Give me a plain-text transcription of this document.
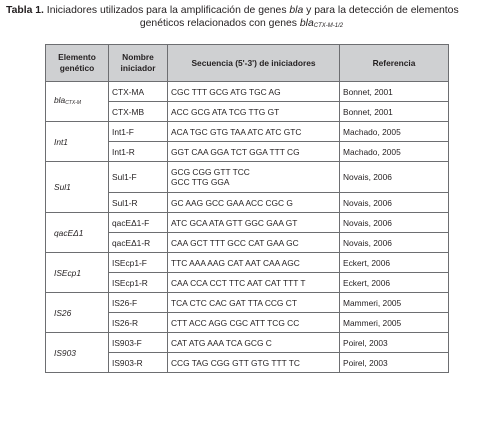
Tabla 1. Iniciadores utilizados para la amplificación de genes bla y para la detección de elementos
genéticos relacionados con genes bla$_{CTX-M-1/2}$
Elemento genético	Nombre iniciador	Secuencia (5'-3') de iniciadores	Referencia
bla$_{CTX-M}$	CTX-MA	CGC TTT GCG ATG TGC AG	Bonnet, 2001
	CTX-MB	ACC GCG ATA TCG TTG GT	Bonnet, 2001
Int1	Int1-F	ACA TGC GTG TAA ATC ATC GTC	Machado, 2005
	Int1-R	GGT CAA GGA TCT GGA TTT CG	Machado, 2005
Sul1	Sul1-F	GCG CGG GTT TCC
GCC TTG GGA	Novais, 2006
	Sul1-R	GC AAG GCC GAA ACC CGC G	Novais, 2006
qacEΔ1	qacEΔ1-F	ATC GCA ATA GTT GGC GAA GT	Novais, 2006
	qacEΔ1-R	CAA GCT TTT GCC CAT GAA GC	Novais, 2006
ISEcp1	ISEcp1-F	TTC AAA AAG CAT AAT CAA AGC	Eckert, 2006
	ISEcp1-R	CAA CCA CCT TTC AAT CAT TTT T	Eckert, 2006
IS26	IS26-F	TCA CTC CAC GAT TTA CCG CT	Mammeri, 2005
	IS26-R	CTT ACC AGG CGC ATT TCG CC	Mammeri, 2005
IS903	IS903-F	CAT ATG AAA TCA GCG C	Poirel, 2003
	IS903-R	CCG TAG CGG GTT GTG TTT TC	Poirel, 2003
